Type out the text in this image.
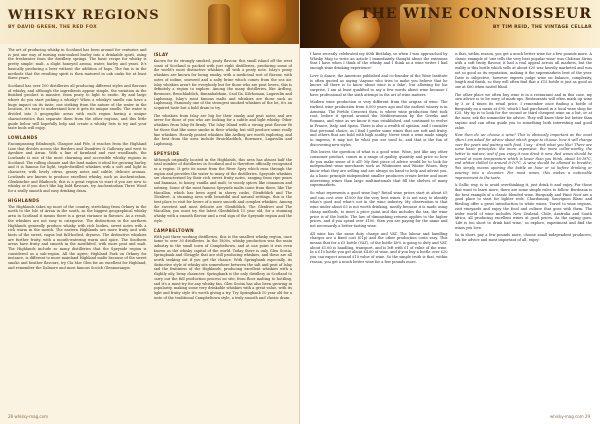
WHISKY REGIONS
BY DAVID GREEN, THE RED FOX

The art of producing whisky in Scotland has been around for centuries and is just one way of turning rain-soaked barley into a drinkable spirit, using the freshwater from the distillery springs. The basic recipe for whisky is pretty simple: malt, a slight honeyed aroma, water, barley and yeast. It's basically producing a beer without the addition of hops. The fun is in the methods that the resulting spirit is then matured in oak casks for at least three years.

Scotland has over 100 distilleries all producing different styles and flavours of whisky, and although the ingredients appear simple, the variation in the finished product is massive, from peaty to light to exotic. By and large where do you start picking a whisky? When a whisky's smells can have a huge impact on its taste, one striking from the nature of the water in the location, it's easy to understand how it gets its unique smells. The water is divided into 5 geographic areas with each region having a unique characteristics that separate them from the other regions, and this little guide below will hopefully help and create a whisky lists to try and your taste buds will enjoy.

LOWLANDS

Encompassing Edinburgh, Glasgow and Fife, it reaches from the Highland Line that divides across the Borders and Dumfries & Galloway and west to Ayrshire and Arran. With a line of farmland and vast woodlands, the Lowlands is one of the most charming and accessible whisky regions in Scotland. The rolling climate and the land makes it ideal for growing barley, and it is famous for light, triple-distilled whiskies with a soft and light in character, with lovely citrus, grassy notes and subtle, delicate aromas. Lowlands are known to produce excellent whisky, such as Auchentoshan, Glenkinchie and Bladnoch; this is a great region to start if you are new to whisky or if you don't like big bold flavours, try Auchentoshan Three Wood for a really smooth and easy drinking dram.

HIGHLANDS

The Highlands takes up most of the country, stretching from Orkney in the north to the Isle of Arran in the south, as the biggest geographical whisky area in Scotland it means there is a great variance in flavours. As a result, the whiskies are not easy to categorise. The distinctions in the northern Highlands generally produce whisky with rich bodies, sweet notes with a rich warm in the mouth. The eastern Highlands are more fruity and with hints of the sweet, vague but full-bodied, dryness. The distinctive whiskies are further fruity, with a mouth-watering warm and spice. The Southern areas have fruity and smooth in the mouthfeel, with more peat and malt. The Highlands include so many distilleries that the Speyside region is considered as a sub-region. All the agree; Highland Park on Orkney for instance, is different to more mainland Highland malts because of the sweet smoke and heather flavours, try Cla Mor Glen for an excellent for Highland, and remember the Dalmore and most famous Scotch Glenmorangie.

ISLAY

Known for its strongly smoked, peaty flavour, this small island off the west coast of Scotland is packed with just eight distilleries, producing some of the world's most distinctive whiskies, all with a peaty note. Islay's peaty whiskies are known for being smoky, with a medicinal sort of flavour, with notes of iodine, seaweed and a salty brine which comes from the sea air. Islay whiskies aren't for everybody but for those who are peat lovers, this is definitely a region to explore. Among the many distilleries, like Ardbeg, Bowmore, Bruichladdich, Bunnahabhain, Caol Ila, Kilchoman, Lagavulin and Laphroaig, Islay's most famous malts and whiskies are those such as Laphroaig. Famously one of the strongest smoked whiskies of the lot, it's an acquired taste but a bold dram to try.

The whiskies from Islay are big for their smoky and peat notes and are never for those of you who are looking for a subtle and light whisky. Other whiskies from Islay fit firmly. The Islay Island with a strong peat flavour fit for those that like some smoke in their whisky, but still produce some really fine whiskies. Heavily peated whiskies like Ardbeg are worth exploring, and the best from the area include Bruichladdich, Bowmore, Lagavulin and Laphroaig.

SPEYSIDE

Although originally located in the Highlands, this area has almost half the total number of distilleries in Scotland and is therefore officially recognised as a region. It gets its name from the River Spey which runs through the region and provides the water to many of the distilleries. Speyside whiskies are characterised by their rich sweet fruity notes, ranging from ripe pears and bananas, to honey, vanilla and malt, to woody spices like cinnamon and nutmeg. Some of the most famous Speyside malts come from there, like The Macallan, which has been aged in sherry casks, Glenfiddich and The Glenlivet. A stunning area with beautiful and natural settings, this is the best place to visit for lovers of a more smooth and complex whiskies. Among the sweetest and most delicate are Glenfiddich, The Glenlivet and The Macallan; you must try the latest Glenfiddich 15 year old, for a stunning whisky with a smooth flavour and a real sign of the Speyside region and the style.

CAMPBELTOWN

With just three working distilleries, this is the smallest whisky region, once home to over 30 distilleries. In the 1800s, whisky production was the main industry in the small town of Campbeltown, and at one point it was even known as the whisky capital of the world. Today there is only Glen Scotia, Springbank and Glengyle that are still producing whiskies, and these are all worth seeking out if you get the chance. With Springbank especially, its distinctive style of whisky sits somewhere between the salt and peat of Islay and the fruitiness of the Highlands, producing excellent whiskies with a slightly oily, briny character. Springbank is the only distillery in Scotland to carry out the full production process on site, from floor malting to bottling, and it's a must-try for any whisky fan. Glen Scotia has also been growing in popularity, making some very drinkable whiskies with a great value, with its light and fruity style it's worth giving a try. Try Springbank 10 year old for a taste of the traditional Campbeltown style, a truly smooth and classic dram.

28 whisky-mag.com
THE WINE CONNOISSEUR
BY TIM REID, THE VINTAGE CELLAR

I have recently celebrated my 60th Birthday, so when I was approached by Whisky Mag to write an article I immediately thought about the extremes that I have when I think of the whisky and I think as a wine writer I had enough wine drinking experience!

Love & dance, the Americas published and co-founder of the Wine Institute is often quoted as saying 'Anyone who tries to make you believe that he knows all there is to know about wine is a fake', but allowing for his surprise, I am at least qualified to say a few words about wine because I have professional at the sixth attempt in the art of wine matters.

Modern wine production is very different from the origins of wine. The earliest wine production from 6,000 years ago and the earliest winery is in Armenia. The Fertile Crescent then, is where wine production first took root, before it spread around the Mediterranean by the Greeks and Romans, and wine as we know it was established, and continued to evolve in France, Italy, and Spain. There is also a wealth of opinion, and I consider that personal choice, as I find I prefer some wines that are soft and fruity, and others that are bold with high acidity. Never trust a wine made simply to impress, it may not be what you are used to, and that is the fun of discovering new styles.

This leaves the question of what is a good wine. Wine, just like any other consumer product, comes in a range of quality, quantity and price so how do you make sense of it all? My first piece of advice would be to look for independent wine merchants such as Whitmores and Winter Wines, they know what they are selling and are always on hand to help and advise you. As a basic principle independent smaller producers create better and more interesting wines than large multinationals that fill the shelves of many supermarkets.

So what represents a good wine buy? Retail wine prices start at about £5 and can cost over £1000 for the very best wines. It is not easy to identify what's good and what's not in the wine industry. My observation is that wine under about £5 is not worth drinking, mostly because it is made using cheap methods, to meet a price point and this includes the tax, the wine price is of the bottle. The law of diminishing returns applies to the higher prices, and if you spend over £100, then you are paying for the name and not necessarily a better tasting wine.

All wine has the same duty charge and VAT. The labour and handling charges are a fixed cost (£1p) and the other production costs vary. This means that for a £5 bottle (VAT), of the bottle 40% is going to duty and VAT, about £1.60 is handling, transport, and is left with £1 of value of the wine. In a £10 bottle you get about £4.60 of wine, and if you buy a bottle over £20 you can expect around £10 value of wine. So the simple truth is that, within reason, you get a much better wine for a few pounds more.

is that, within reason, you get a much better wine for a few pounds more. A classic example of 'one tells the very best popular wine' was Château Sirius with a soft fruity flavour, it had a real appeal across all markets, but the reality is this bottle which sells at about £20 was heavily marketed and was not so good as its reputation, making it the supermarkets best of the year. Taste is subjective, however experts judge wine on balance, complexity, length and finish, so they will often find that a £15 bottle is just as good as one at £60 when tasted blind.

The other place we often buy wine is in a restaurant and in this case, my own advice is to be wary of mark-ups. Restaurants will often mark up wine by 3 or 4 times its retail price. I remember once finding a bottle of Burgundy on a menu at £95, which I had purchased in a local wine shop for £25. My tip is to look for the second or third cheapest wine on a list, or at the most, ask the sommelier for advice. They will know their list better than anyone and can often guide you to something both interesting and good value.

How then do we choose a wine? This is obviously important as the most often I am asked for advice about which grape to choose, how it will change over the years and pairing with food, I say - drink what you like! There are some basic principles: the more expensive, the more cellar-worthy, the better to mature, and if you enjoy it now drink it now. Red wines should be served at room temperature which is lower than you think, about 16-18°C, and whites chilled to around 8-10°C. A wine should be allowed to breathe; this simply means opening the bottle an hour or so before drinking or pouring into a decanter. For most wines, this makes a noticeable improvement to the taste.

A Gallic way, is to avoid overthinking it, just drink it and enjoy. For those that want to learn more, there are some simple rules to follow. Bordeaux is the best example of a classic blended wine, Burgundy and Pinot Noir are a good place to start for lighter reds. Chardonnay, Sauvignon Blanc and Riesling offer a great introduction to white wines. Travel to wine regions, visit vineyards and enjoy the food and culture that goes with them. The wider world of wine includes New Zealand, Chile, Australia and South Africa, all producing excellent wines at good prices. As the saying goes, 'Life is too short to drink bad wine,' so explore, experiment and find the wines you love.

So in short, pay a few pounds more, choose small independent producers, ask for advice and most important of all, enjoy!

whisky-mag.com 29
